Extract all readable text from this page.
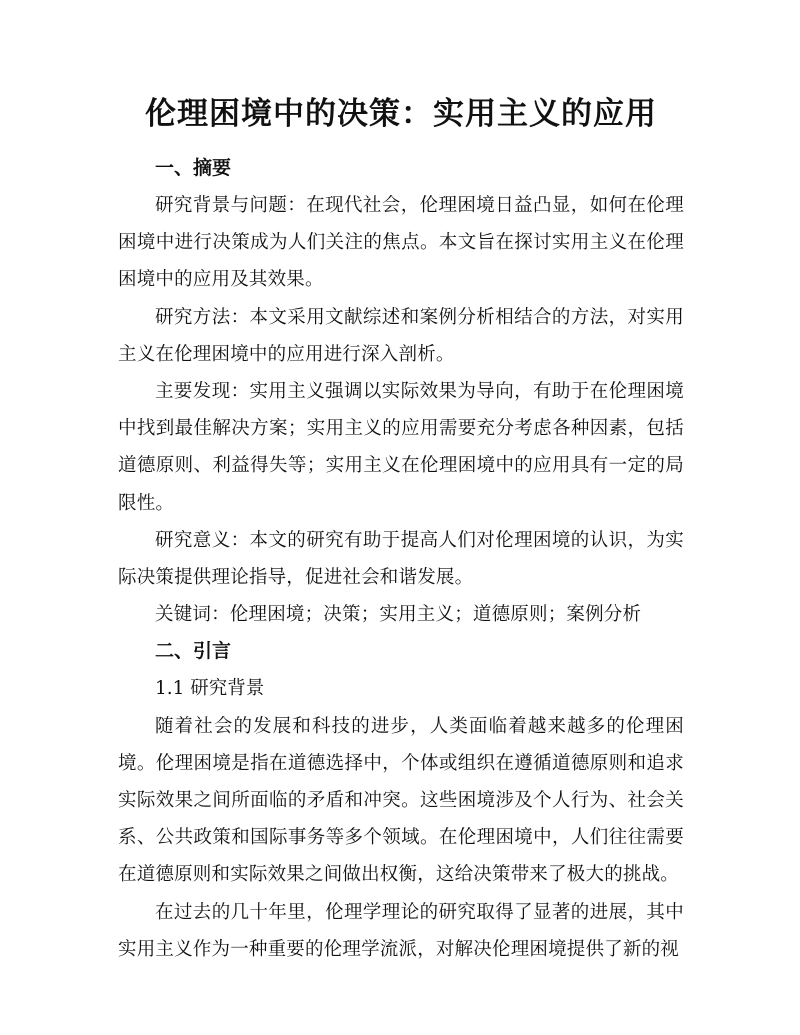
伦理困境中的决策：实用主义的应用
一、摘要

研究背景与问题：在现代社会，伦理困境日益凸显，如何在伦理困境中进行决策成为人们关注的焦点。本文旨在探讨实用主义在伦理困境中的应用及其效果。

研究方法：本文采用文献综述和案例分析相结合的方法，对实用主义在伦理困境中的应用进行深入剖析。

主要发现：实用主义强调以实际效果为导向，有助于在伦理困境中找到最佳解决方案；实用主义的应用需要充分考虑各种因素，包括道德原则、利益得失等；实用主义在伦理困境中的应用具有一定的局限性。

研究意义：本文的研究有助于提高人们对伦理困境的认识，为实际决策提供理论指导，促进社会和谐发展。

关键词：伦理困境；决策；实用主义；道德原则；案例分析

二、引言

1.1 研究背景

随着社会的发展和科技的进步，人类面临着越来越多的伦理困境。伦理困境是指在道德选择中，个体或组织在遵循道德原则和追求实际效果之间所面临的矛盾和冲突。这些困境涉及个人行为、社会关系、公共政策和国际事务等多个领域。在伦理困境中，人们往往需要在道德原则和实际效果之间做出权衡，这给决策带来了极大的挑战。

在过去的几十年里，伦理学理论的研究取得了显著的进展，其中实用主义作为一种重要的伦理学流派，对解决伦理困境提供了新的视
